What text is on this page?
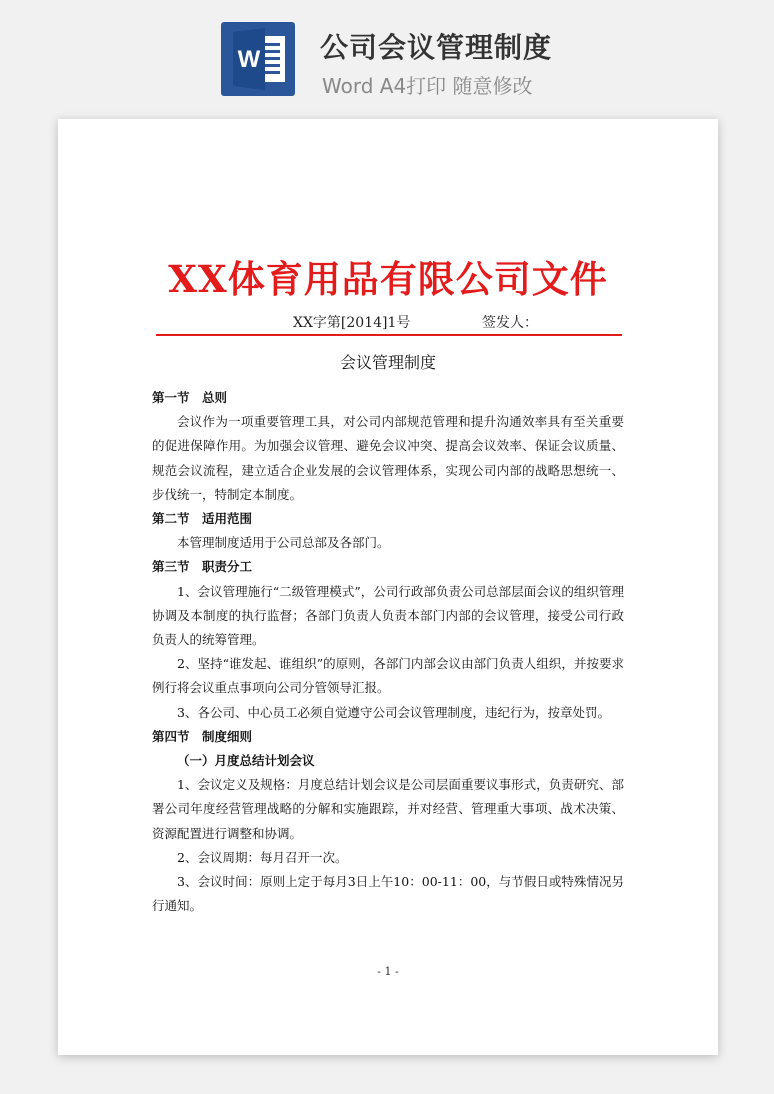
W 公司会议管理制度
Word A4打印 随意修改
XX体育用品有限公司文件
XX字第[2014]1号	签发人：
会议管理制度
第一节　总则
会议作为一项重要管理工具，对公司内部规范管理和提升沟通效率具有至关重要的促进保障作用。为加强会议管理、避免会议冲突、提高会议效率、保证会议质量、规范会议流程，建立适合企业发展的会议管理体系，实现公司内部的战略思想统一、步伐统一，特制定本制度。
第二节　适用范围
本管理制度适用于公司总部及各部门。
第三节　职责分工
1、会议管理施行“二级管理模式”，公司行政部负责公司总部层面会议的组织管理协调及本制度的执行监督；各部门负责人负责本部门内部的会议管理，接受公司行政负责人的统筹管理。
2、坚持“谁发起、谁组织”的原则，各部门内部会议由部门负责人组织，并按要求例行将会议重点事项向公司分管领导汇报。
3、各公司、中心员工必须自觉遵守公司会议管理制度，违纪行为，按章处罚。
第四节　制度细则
（一）月度总结计划会议
1、会议定义及规格：月度总结计划会议是公司层面重要议事形式，负责研究、部署公司年度经营管理战略的分解和实施跟踪，并对经营、管理重大事项、战术决策、资源配置进行调整和协调。
2、会议周期：每月召开一次。
3、会议时间：原则上定于每月3日上午10：00-11：00，与节假日或特殊情况另行通知。
- 1 -
